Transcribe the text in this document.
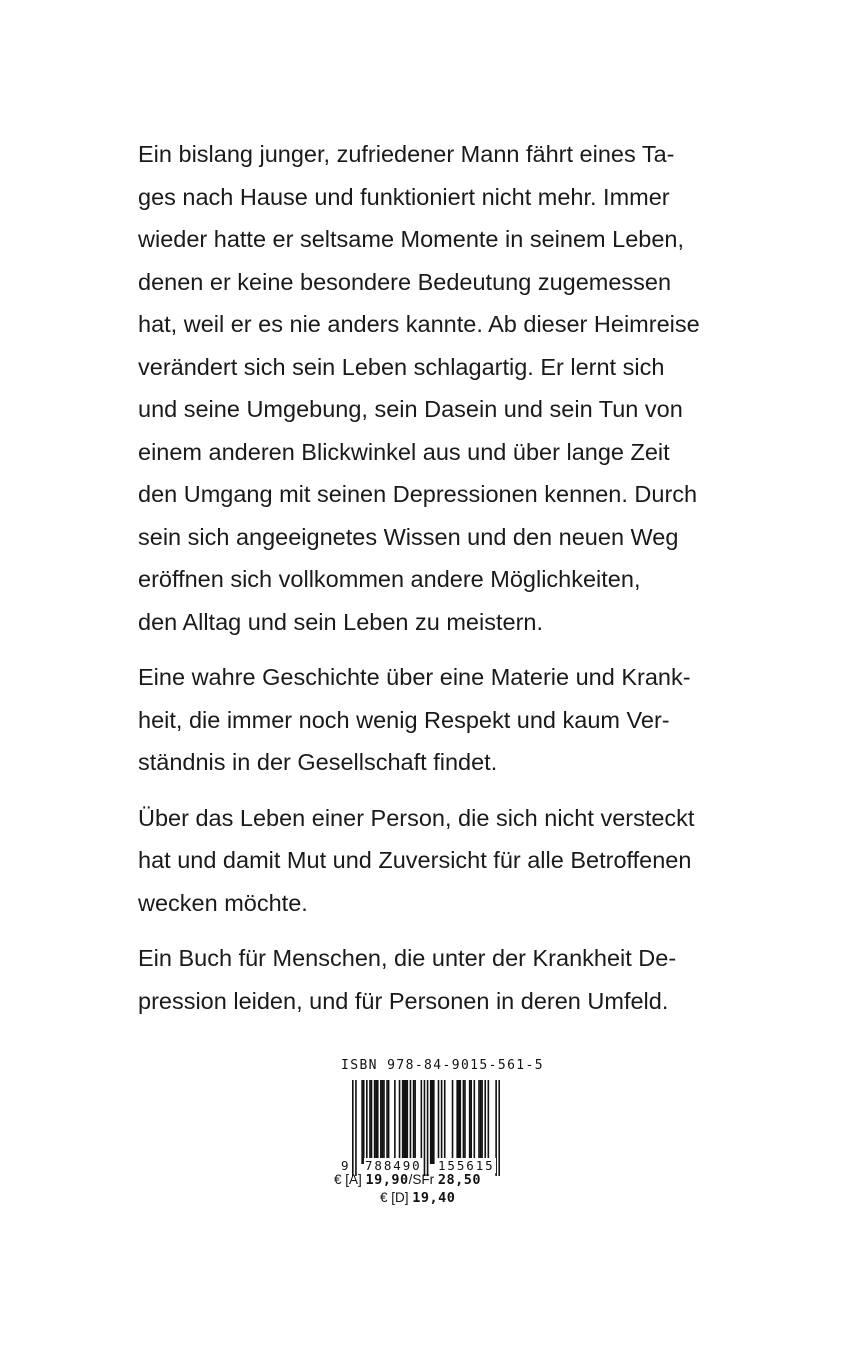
Ein bislang junger, zufriedener Mann fährt eines Ta-
ges nach Hause und funktioniert nicht mehr. Immer
wieder hatte er seltsame Momente in seinem Leben,
denen er keine besondere Bedeutung zugemessen
hat, weil er es nie anders kannte. Ab dieser Heimreise
verändert sich sein Leben schlagartig. Er lernt sich
und seine Umgebung, sein Dasein und sein Tun von
einem anderen Blickwinkel aus und über lange Zeit
den Umgang mit seinen Depressionen kennen. Durch
sein sich angeeignetes Wissen und den neuen Weg
eröffnen sich vollkommen andere Möglichkeiten,
den Alltag und sein Leben zu meistern.

Eine wahre Geschichte über eine Materie und Krank-
heit, die immer noch wenig Respekt und kaum Ver-
ständnis in der Gesellschaft findet.

Über das Leben einer Person, die sich nicht versteckt
hat und damit Mut und Zuversicht für alle Betroffenen
wecken möchte.

Ein Buch für Menschen, die unter der Krankheit De-
pression leiden, und für Personen in deren Umfeld.

ISBN 978-84-9015-561-5
9 788490 155615
€ [A] 19,90/SFr 28,50
€ [D] 19,40
